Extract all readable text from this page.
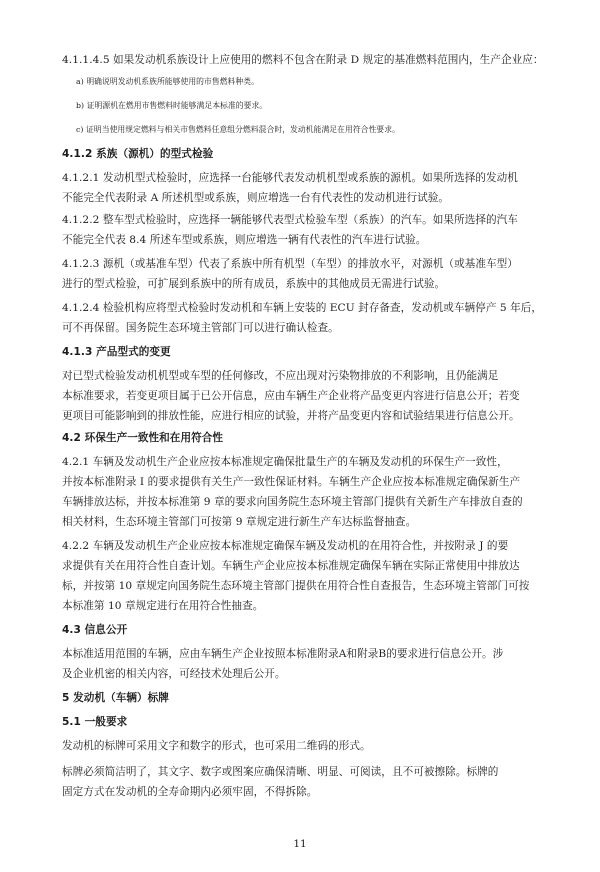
4.1.1.4.5 如果发动机系族设计上应使用的燃料不包含在附录 D 规定的基准燃料范围内，生产企业应：
a) 明确说明发动机系族所能够使用的市售燃料种类。
b) 证明源机在燃用市售燃料时能够满足本标准的要求。
c) 证明当使用规定燃料与相关市售燃料任意组分燃料混合时，发动机能满足在用符合性要求。
4.1.2 系族（源机）的型式检验
4.1.2.1 发动机型式检验时，应选择一台能够代表发动机机型或系族的源机。如果所选择的发动机
不能完全代表附录 A 所述机型或系族，则应增选一台有代表性的发动机进行试验。
4.1.2.2 整车型式检验时，应选择一辆能够代表型式检验车型（系族）的汽车。如果所选择的汽车
不能完全代表 8.4 所述车型或系族，则应增选一辆有代表性的汽车进行试验。
4.1.2.3 源机（或基准车型）代表了系族中所有机型（车型）的排放水平，对源机（或基准车型）
进行的型式检验，可扩展到系族中的所有成员，系族中的其他成员无需进行试验。
4.1.2.4 检验机构应将型式检验时发动机和车辆上安装的 ECU 封存备查，发动机或车辆停产 5 年后，
可不再保留。国务院生态环境主管部门可以进行确认检查。
4.1.3 产品型式的变更
对已型式检验发动机机型或车型的任何修改，不应出现对污染物排放的不利影响，且仍能满足
本标准要求，若变更项目属于已公开信息，应由车辆生产企业将产品变更内容进行信息公开；若变
更项目可能影响到的排放性能，应进行相应的试验，并将产品变更内容和试验结果进行信息公开。
4.2 环保生产一致性和在用符合性
4.2.1 车辆及发动机生产企业应按本标准规定确保批量生产的车辆及发动机的环保生产一致性，
并按本标准附录 I 的要求提供有关生产一致性保证材料。车辆生产企业应按本标准规定确保新生产
车辆排放达标，并按本标准第 9 章的要求向国务院生态环境主管部门提供有关新生产车排放自查的
相关材料，生态环境主管部门可按第 9 章规定进行新生产车达标监督抽查。
4.2.2 车辆及发动机生产企业应按本标准规定确保车辆及发动机的在用符合性，并按附录 J 的要
求提供有关在用符合性自查计划。车辆生产企业应按本标准规定确保车辆在实际正常使用中排放达
标，并按第 10 章规定向国务院生态环境主管部门提供在用符合性自查报告，生态环境主管部门可按
本标准第 10 章规定进行在用符合性抽查。
4.3 信息公开
本标准适用范围的车辆，应由车辆生产企业按照本标准附录A和附录B的要求进行信息公开。涉
及企业机密的相关内容，可经技术处理后公开。
5 发动机（车辆）标牌
5.1 一般要求
发动机的标牌可采用文字和数字的形式，也可采用二维码的形式。
标牌必须简洁明了，其文字、数字或图案应确保清晰、明显、可阅读，且不可被擦除。标牌的
固定方式在发动机的全寿命期内必须牢固，不得拆除。
11
